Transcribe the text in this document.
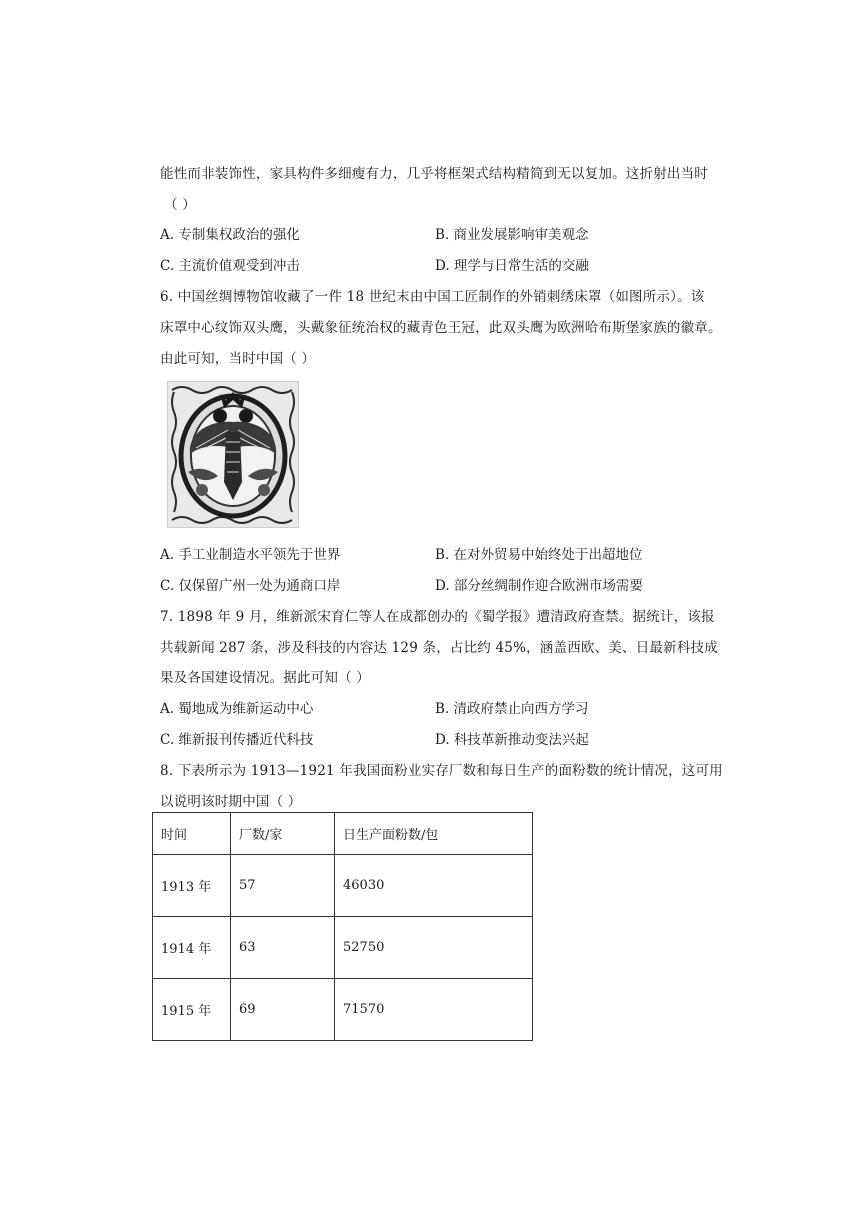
能性而非装饰性，家具构件多细瘦有力，几乎将框架式结构精简到无以复加。这折射出当时
（ ）
A. 专制集权政治的强化	B. 商业发展影响审美观念
C. 主流价值观受到冲击	D. 理学与日常生活的交融
6. 中国丝绸博物馆收藏了一件 18 世纪末由中国工匠制作的外销刺绣床罩（如图所示）。该
床罩中心纹饰双头鹰，头戴象征统治权的藏青色王冠，此双头鹰为欧洲哈布斯堡家族的徽章。
由此可知，当时中国（ ）
A. 手工业制造水平领先于世界	B. 在对外贸易中始终处于出超地位
C. 仅保留广州一处为通商口岸	D. 部分丝绸制作迎合欧洲市场需要
7. 1898 年 9 月，维新派宋育仁等人在成都创办的《蜀学报》遭清政府查禁。据统计，该报
共载新闻 287 条，涉及科技的内容达 129 条，占比约 45%，涵盖西欧、美、日最新科技成
果及各国建设情况。据此可知（ ）
A. 蜀地成为维新运动中心	B. 清政府禁止向西方学习
C. 维新报刊传播近代科技	D. 科技革新推动变法兴起
8. 下表所示为 1913—1921 年我国面粉业实存厂数和每日生产的面粉数的统计情况，这可用
以说明该时期中国（ ）
时间	厂数/家	日生产面粉数/包
1913 年	57	46030
1914 年	63	52750
1915 年	69	71570
